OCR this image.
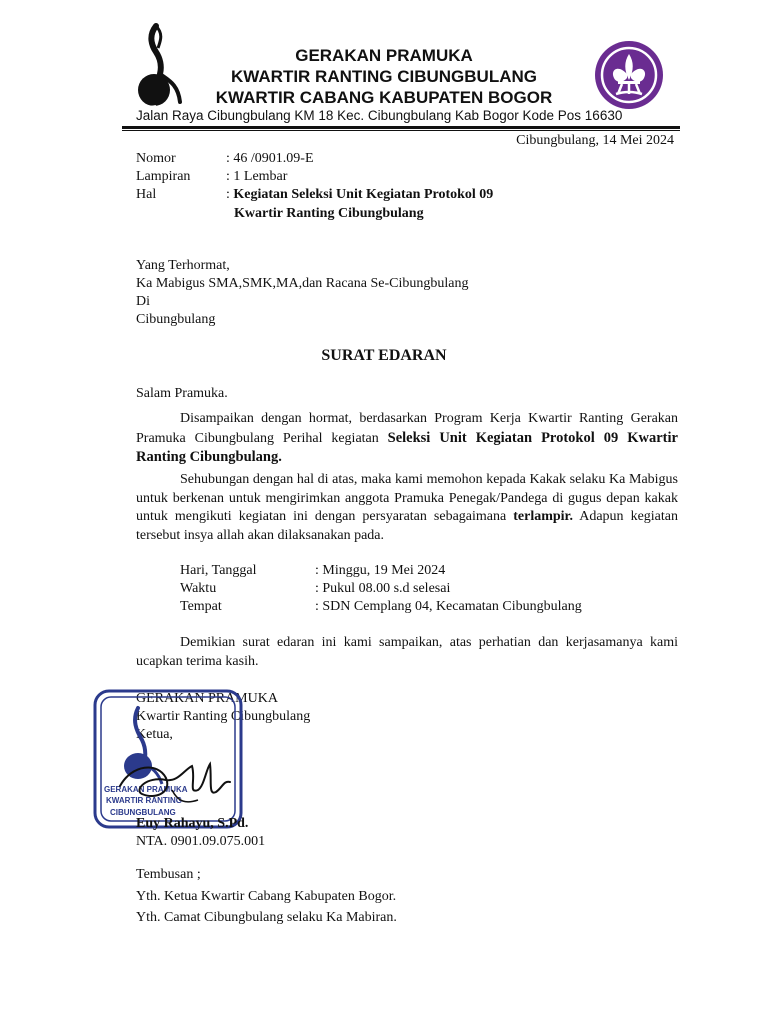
GERAKAN PRAMUKA
KWARTIR RANTING CIBUNGBULANG
KWARTIR CABANG KABUPATEN BOGOR
Jalan Raya Cibungbulang KM 18 Kec. Cibungbulang Kab Bogor Kode Pos 16630
Cibungbulang, 14 Mei 2024
Nomor	: 46 /0901.09-E
Lampiran	: 1 Lembar
Hal	: Kegiatan Seleksi Unit Kegiatan Protokol 09
Kwartir Ranting Cibungbulang
Yang Terhormat,
Ka Mabigus SMA,SMK,MA,dan Racana Se-Cibungbulang
Di
Cibungbulang
SURAT EDARAN
Salam Pramuka.
Disampaikan dengan hormat, berdasarkan Program Kerja Kwartir Ranting Gerakan Pramuka Cibungbulang Perihal kegiatan Seleksi Unit Kegiatan Protokol 09 Kwartir Ranting Cibungbulang.
Sehubungan dengan hal di atas, maka kami memohon kepada Kakak selaku Ka Mabigus untuk berkenan untuk mengirimkan anggota Pramuka Penegak/Pandega di gugus depan kakak untuk mengikuti kegiatan ini dengan persyaratan sebagaimana terlampir. Adapun kegiatan tersebut insya allah akan dilaksanakan pada.
Hari, Tanggal	: Minggu, 19 Mei 2024
Waktu	: Pukul 08.00 s.d selesai
Tempat	: SDN Cemplang 04, Kecamatan Cibungbulang
Demikian surat edaran ini kami sampaikan, atas perhatian dan kerjasamanya kami ucapkan terima kasih.
GERAKAN PRAMUKA
Kwartir Ranting Cibungbulang
Ketua,
GERAKAN PRAMUKA
KWARTIR RANTING
CIBUNGBULANG
Euy Rahayu, S.Pd.
NTA. 0901.09.075.001
Tembusan ;
Yth. Ketua Kwartir Cabang Kabupaten Bogor.
Yth. Camat Cibungbulang selaku Ka Mabiran.
